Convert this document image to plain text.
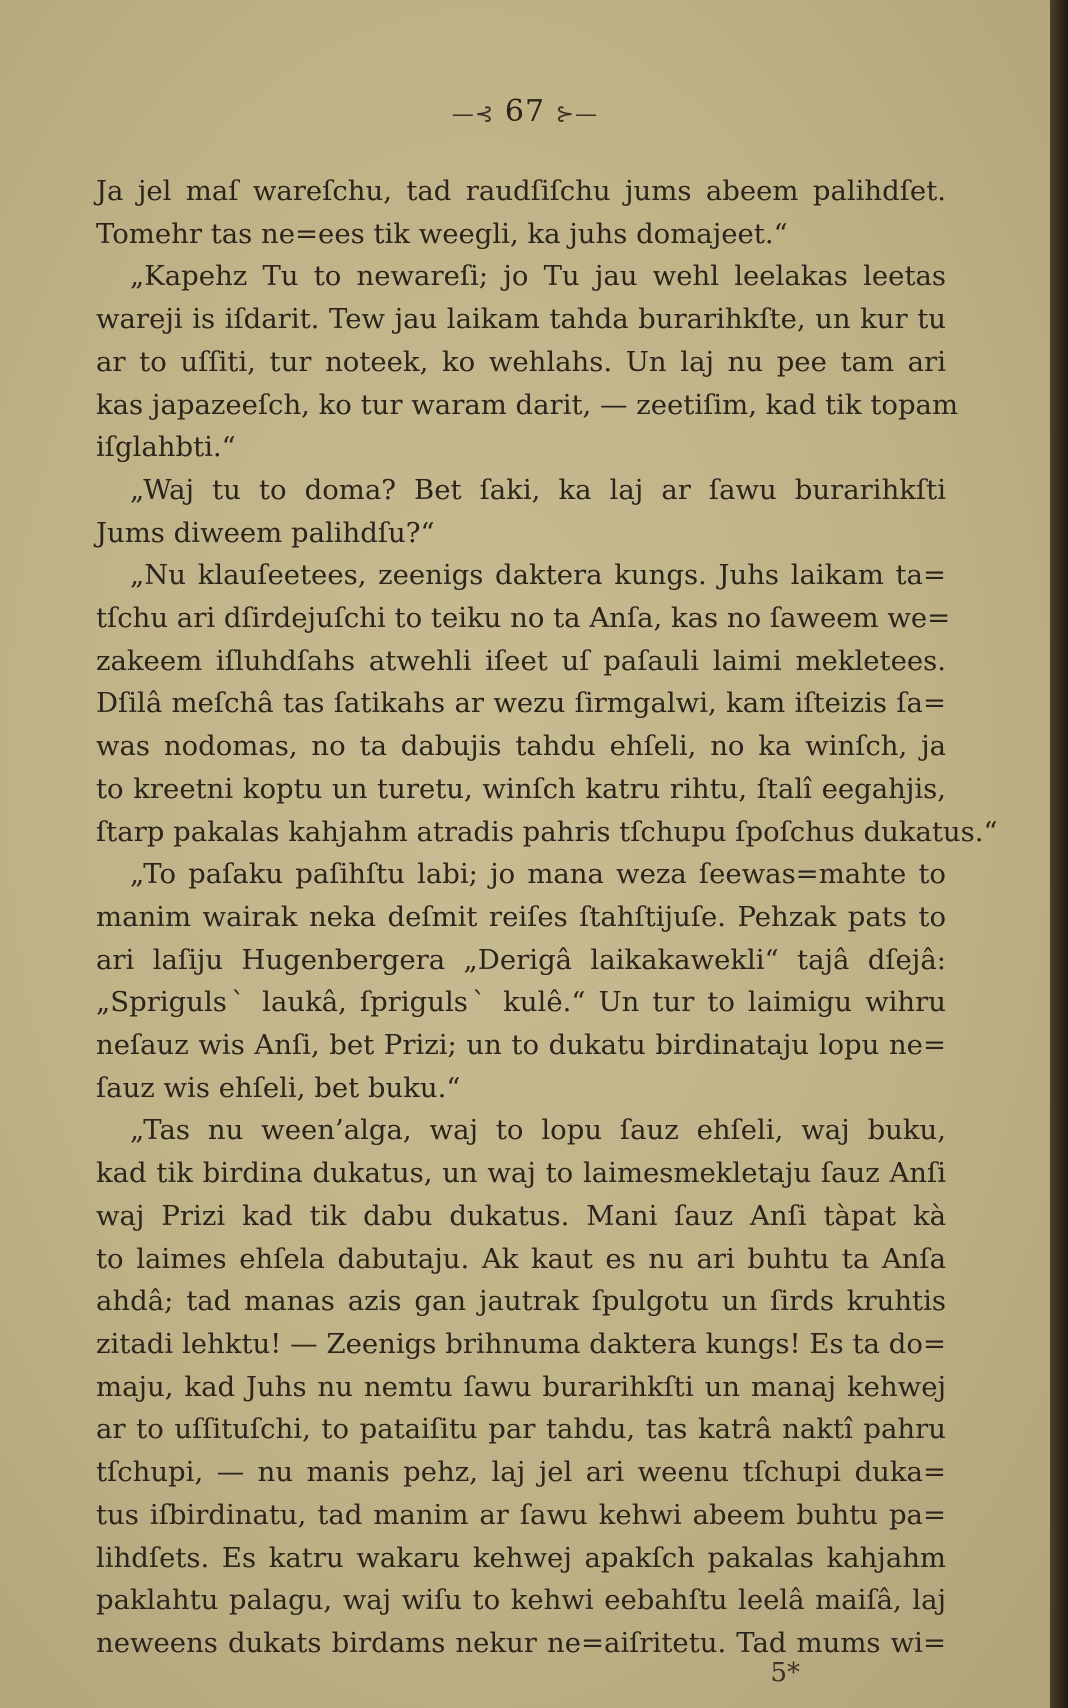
—⊰ 67 ⊱—
Ja jel maſ wareſchu, tad raudſiſchu jums abeem palihdſet.
Tomehr tas ne=ees tik weegli, ka juhs domajeet.“
„Kapehz Tu to newareſi; jo Tu jau wehl leelakas leetas
wareji is iſdarit. Tew jau laikam tahda burarihkſte, un kur tu
ar to uſſiti, tur noteek, ko wehlahs. Un laj nu pee tam ari
kas japazeeſch, ko tur waram darit, — zeetiſim, kad tik topam
iſglahbti.“
„Waj tu to doma? Bet ſaki, ka laj ar ſawu burarihkſti
Jums diweem palihdſu?“
„Nu klauſeetees, zeenigs daktera kungs. Juhs laikam ta=
tſchu ari dſirdejuſchi to teiku no ta Anſa, kas no ſaweem we=
zakeem iſluhdſahs atwehli iſeet uſ paſauli laimi mekletees.
Dſilâ meſchâ tas ſatikahs ar wezu ſirmgalwi, kam iſteizis ſa=
was nodomas, no ta dabujis tahdu ehſeli, no ka winſch, ja
to kreetni koptu un turetu, winſch katru rihtu, ſtalî eegahjis,
ſtarp pakalas kahjahm atradis pahris tſchupu ſpoſchus dukatus.“
„To paſaku paſihſtu labi; jo mana weza ſeewas=mahte to
manim wairak neka deſmit reiſes ſtahſtijuſe. Pehzak pats to
ari laſiju Hugenbergera „Derigâ laikakawekli“ tajâ dſejâ:
„Sprigulsˋ laukâ, ſprigulsˋ kulê.“ Un tur to laimigu wihru
neſauz wis Anſi, bet Prizi; un to dukatu birdinataju lopu ne=
ſauz wis ehſeli, bet buku.“
„Tas nu ween’alga, waj to lopu ſauz ehſeli, waj buku,
kad tik birdina dukatus, un waj to laimesmekletaju ſauz Anſi
waj Prizi kad tik dabu dukatus. Mani ſauz Anſi tàpat kà
to laimes ehſela dabutaju. Ak kaut es nu ari buhtu ta Anſa
ahdâ; tad manas azis gan jautrak ſpulgotu un ſirds kruhtis
zitadi lehktu! — Zeenigs brihnuma daktera kungs! Es ta do=
maju, kad Juhs nu nemtu ſawu burarihkſti un manaj kehwej
ar to uſſituſchi, to pataiſitu par tahdu, tas katrâ naktî pahru
tſchupi, — nu manis pehz, laj jel ari weenu tſchupi duka=
tus iſbirdinatu, tad manim ar ſawu kehwi abeem buhtu pa=
lihdſets. Es katru wakaru kehwej apakſch pakalas kahjahm
paklahtu palagu, waj wiſu to kehwi eebahſtu leelâ maiſâ, laj
neweens dukats birdams nekur ne=aiſritetu. Tad mums wi=
5*
